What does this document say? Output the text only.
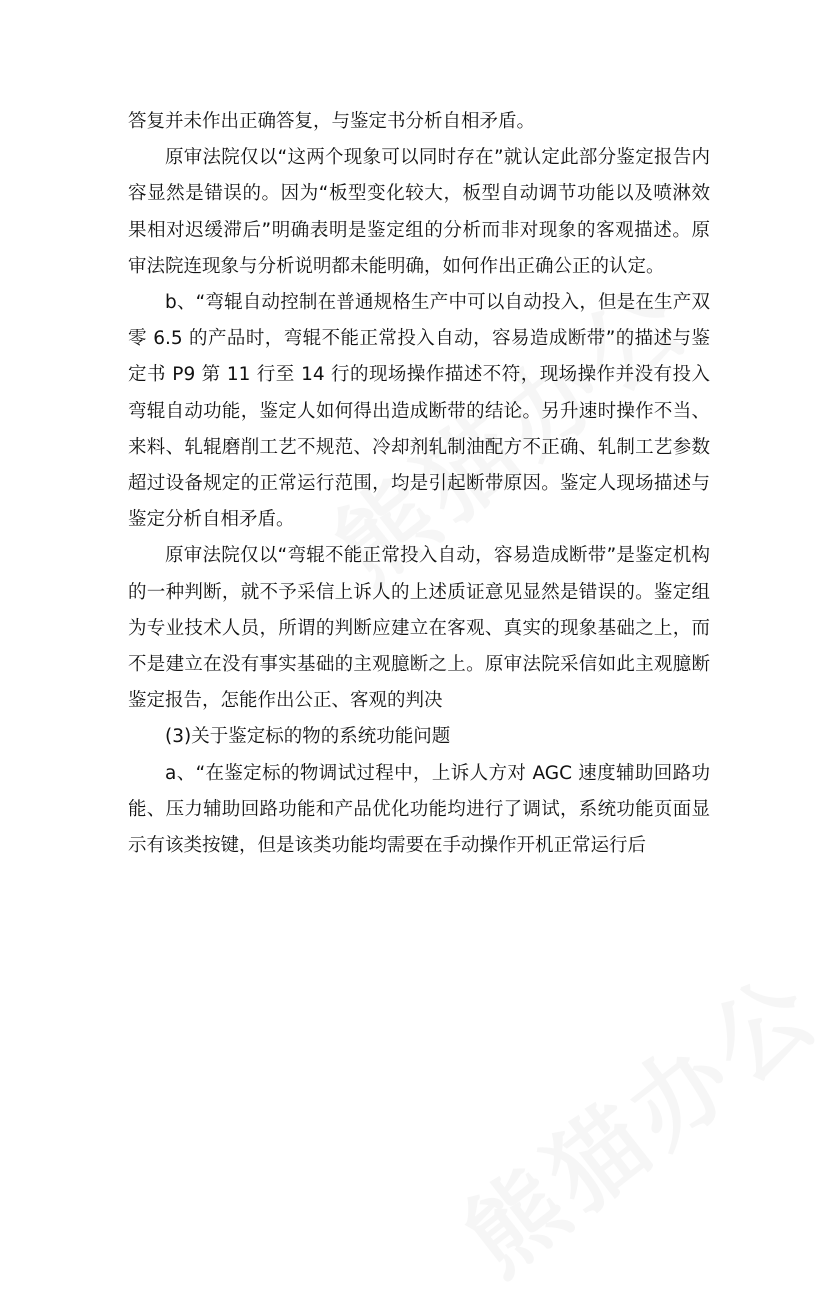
答复并未作出正确答复，与鉴定书分析自相矛盾。

原审法院仅以“这两个现象可以同时存在”就认定此部分鉴定报告内容显然是错误的。因为“板型变化较大，板型自动调节功能以及喷淋效果相对迟缓滞后”明确表明是鉴定组的分析而非对现象的客观描述。原审法院连现象与分析说明都未能明确，如何作出正确公正的认定。

b、“弯辊自动控制在普通规格生产中可以自动投入，但是在生产双零 6.5 的产品时，弯辊不能正常投入自动，容易造成断带”的描述与鉴定书 P9 第 11 行至 14 行的现场操作描述不符，现场操作并没有投入弯辊自动功能，鉴定人如何得出造成断带的结论。另升速时操作不当、来料、轧辊磨削工艺不规范、冷却剂轧制油配方不正确、轧制工艺参数超过设备规定的正常运行范围，均是引起断带原因。鉴定人现场描述与鉴定分析自相矛盾。

原审法院仅以“弯辊不能正常投入自动，容易造成断带”是鉴定机构的一种判断，就不予采信上诉人的上述质证意见显然是错误的。鉴定组为专业技术人员，所谓的判断应建立在客观、真实的现象基础之上，而不是建立在没有事实基础的主观臆断之上。原审法院采信如此主观臆断鉴定报告，怎能作出公正、客观的判决

(3)关于鉴定标的物的系统功能问题

a、“在鉴定标的物调试过程中，上诉人方对 AGC 速度辅助回路功能、压力辅助回路功能和产品优化功能均进行了调试，系统功能页面显示有该类按键，但是该类功能均需要在手动操作开机正常运行后
